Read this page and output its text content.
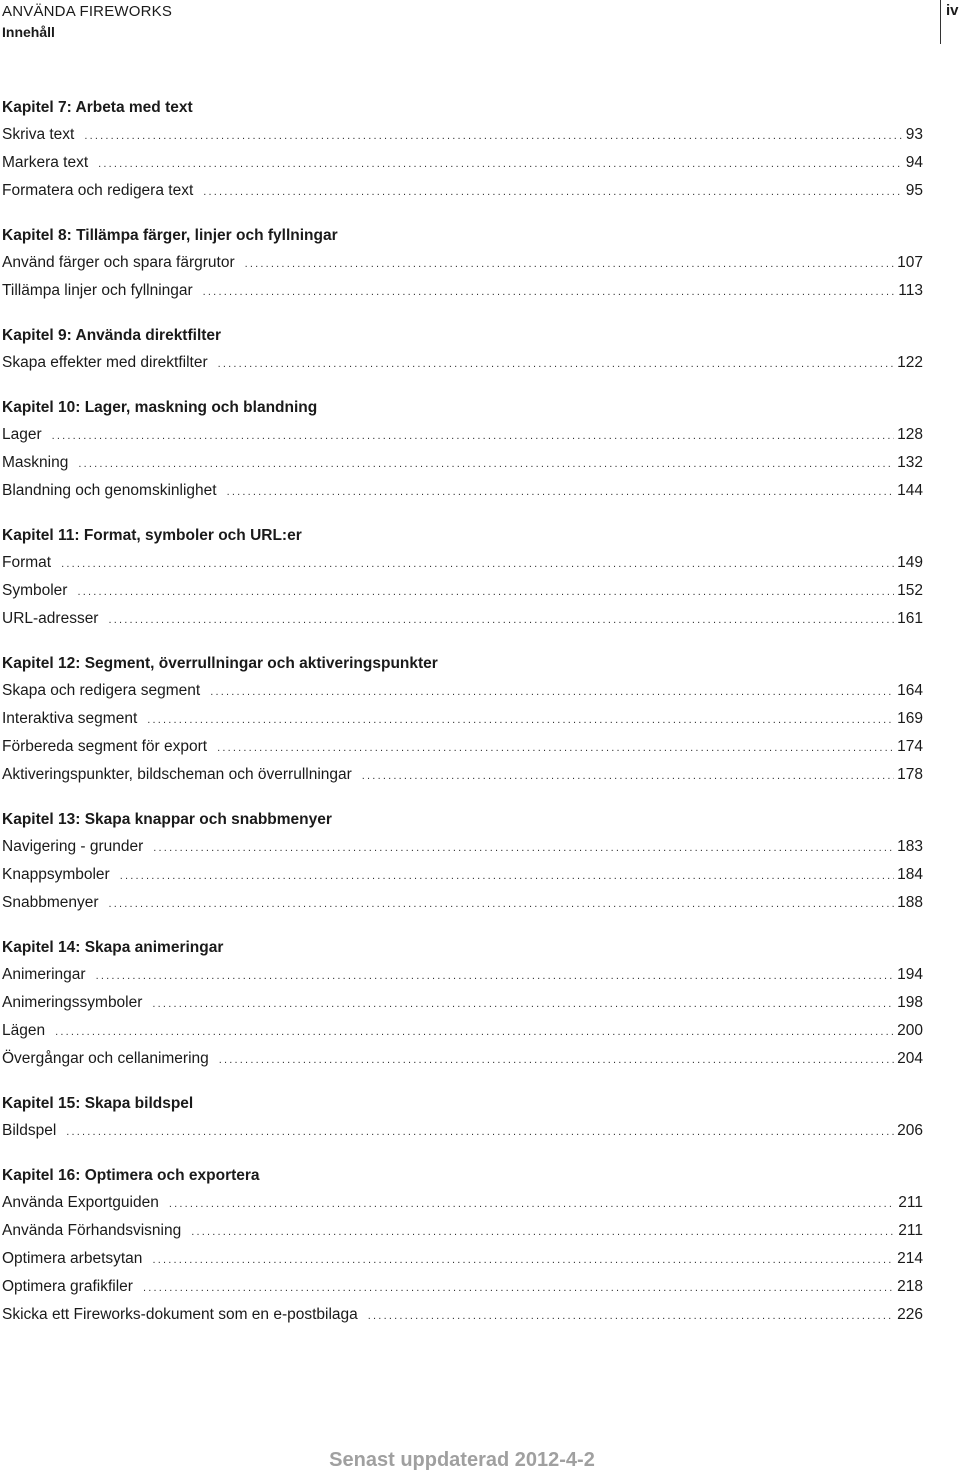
ANVÄNDA FIREWORKS
Innehåll
iv
Kapitel 7: Arbeta med text
Skriva text .....	93
Markera text .....	94
Formatera och redigera text .....	95
Kapitel 8: Tillämpa färger, linjer och fyllningar
Använd färger och spara färgrutor .....	107
Tillämpa linjer och fyllningar .....	113
Kapitel 9: Använda direktfilter
Skapa effekter med direktfilter .....	122
Kapitel 10: Lager, maskning och blandning
Lager .....	128
Maskning .....	132
Blandning och genomskinlighet .....	144
Kapitel 11: Format, symboler och URL:er
Format .....	149
Symboler .....	152
URL-adresser .....	161
Kapitel 12: Segment, överrullningar och aktiveringspunkter
Skapa och redigera segment .....	164
Interaktiva segment .....	169
Förbereda segment för export .....	174
Aktiveringspunkter, bildscheman och överrullningar .....	178
Kapitel 13: Skapa knappar och snabbmenyer
Navigering - grunder .....	183
Knappsymboler .....	184
Snabbmenyer .....	188
Kapitel 14: Skapa animeringar
Animeringar .....	194
Animeringssymboler .....	198
Lägen .....	200
Övergångar och cellanimering .....	204
Kapitel 15: Skapa bildspel
Bildspel .....	206
Kapitel 16: Optimera och exportera
Använda Exportguiden .....	211
Använda Förhandsvisning .....	211
Optimera arbetsytan .....	214
Optimera grafikfiler .....	218
Skicka ett Fireworks-dokument som en e-postbilaga .....	226
Senast uppdaterad 2012-4-2
